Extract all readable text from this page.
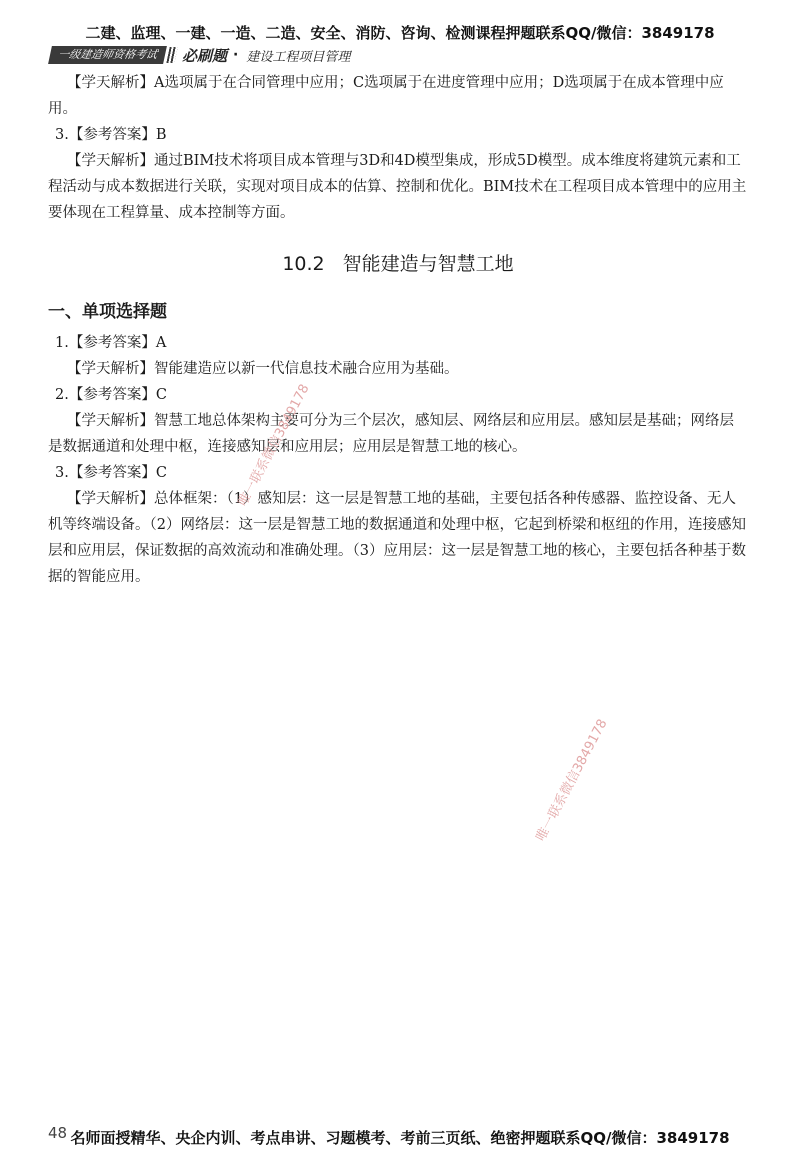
二建、监理、一建、一造、二造、安全、消防、咨询、检测课程押题联系QQ/微信：3849178
一级建造师资格考试	必刷题 · 建设工程项目管理

【学天解析】A选项属于在合同管理中应用；C选项属于在进度管理中应用；D选项属于在成本管理中应用。

3.【参考答案】B

【学天解析】通过BIM技术将项目成本管理与3D和4D模型集成，形成5D模型。成本维度将建筑元素和工程活动与成本数据进行关联，实现对项目成本的估算、控制和优化。BIM技术在工程项目成本管理中的应用主要体现在工程算量、成本控制等方面。

10.2 智能建造与智慧工地
一、单项选择题

1.【参考答案】A

【学天解析】智能建造应以新一代信息技术融合应用为基础。

2.【参考答案】C

【学天解析】智慧工地总体架构主要可分为三个层次，感知层、网络层和应用层。感知层是基础；网络层是数据通道和处理中枢，连接感知层和应用层；应用层是智慧工地的核心。

3.【参考答案】C

【学天解析】总体框架：（1）感知层：这一层是智慧工地的基础，主要包括各种传感器、监控设备、无人机等终端设备。（2）网络层：这一层是智慧工地的数据通道和处理中枢，它起到桥梁和枢纽的作用，连接感知层和应用层，保证数据的高效流动和准确处理。（3）应用层：这一层是智慧工地的核心，主要包括各种基于数据的智能应用。

唯一联系微信3849178
唯一联系微信3849178
48 名师面授精华、央企内训、考点串讲、习题模考、考前三页纸、绝密押题联系QQ/微信：3849178
